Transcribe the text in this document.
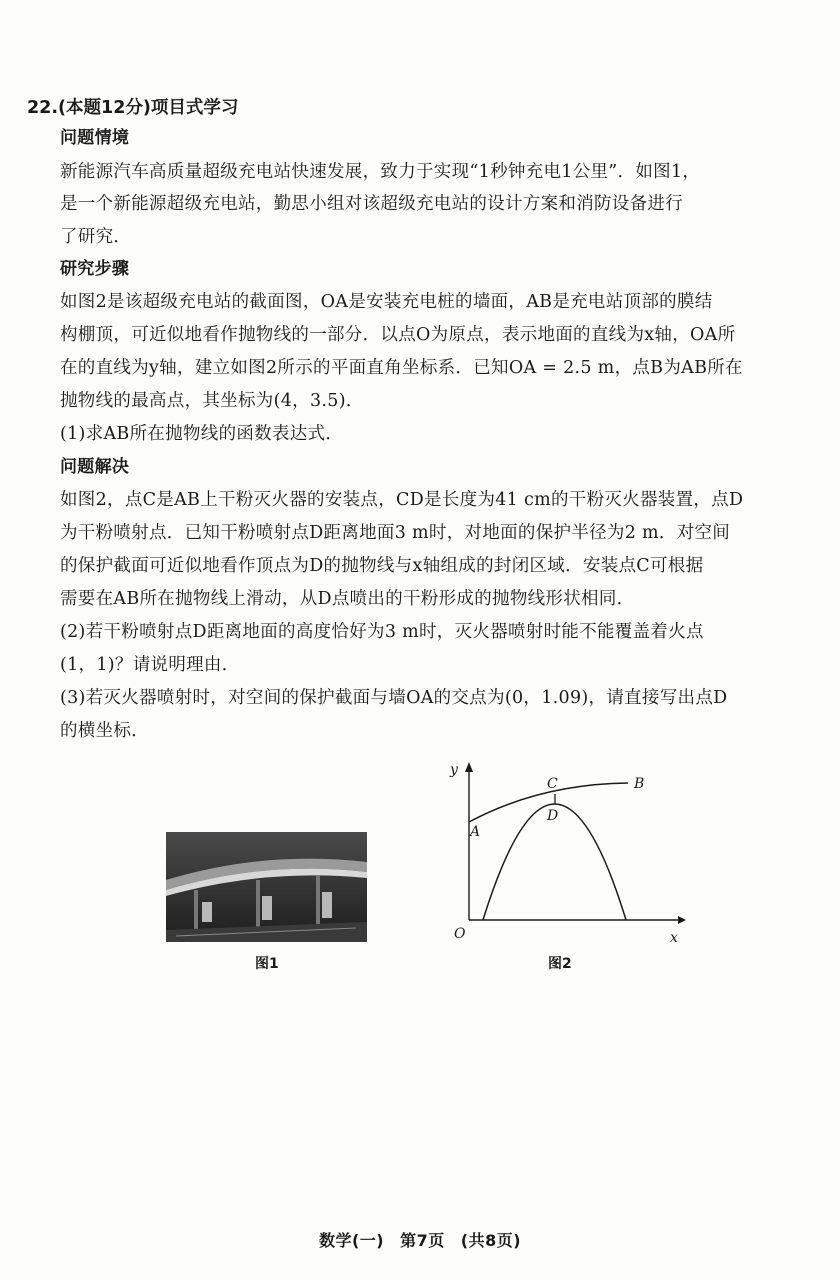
22.(本题12分)项目式学习
问题情境
新能源汽车高质量超级充电站快速发展，致力于实现“1秒钟充电1公里”．如图1，
是一个新能源超级充电站，勤思小组对该超级充电站的设计方案和消防设备进行
了研究．
研究步骤
如图2是该超级充电站的截面图，OA是安装充电桩的墙面，AB是充电站顶部的膜结
构棚顶，可近似地看作抛物线的一部分．以点O为原点，表示地面的直线为x轴，OA所
在的直线为y轴，建立如图2所示的平面直角坐标系．已知OA = 2.5 m，点B为AB所在
抛物线的最高点，其坐标为(4，3.5)．
(1)求AB所在抛物线的函数表达式．
问题解决
如图2，点C是AB上干粉灭火器的安装点，CD是长度为41 cm的干粉灭火器装置，点D
为干粉喷射点．已知干粉喷射点D距离地面3 m时，对地面的保护半径为2 m．对空间
的保护截面可近似地看作顶点为D的抛物线与x轴组成的封闭区域．安装点C可根据
需要在AB所在抛物线上滑动，从D点喷出的干粉形成的抛物线形状相同．
(2)若干粉喷射点D距离地面的高度恰好为3 m时，灭火器喷射时能不能覆盖着火点
(1，1)？请说明理由．
(3)若灭火器喷射时，对空间的保护截面与墙OA的交点为(0，1.09)，请直接写出点D
的横坐标．
图1
y
x
O
A
B
C
D
图2
数学(一) 第7页 (共8页)
